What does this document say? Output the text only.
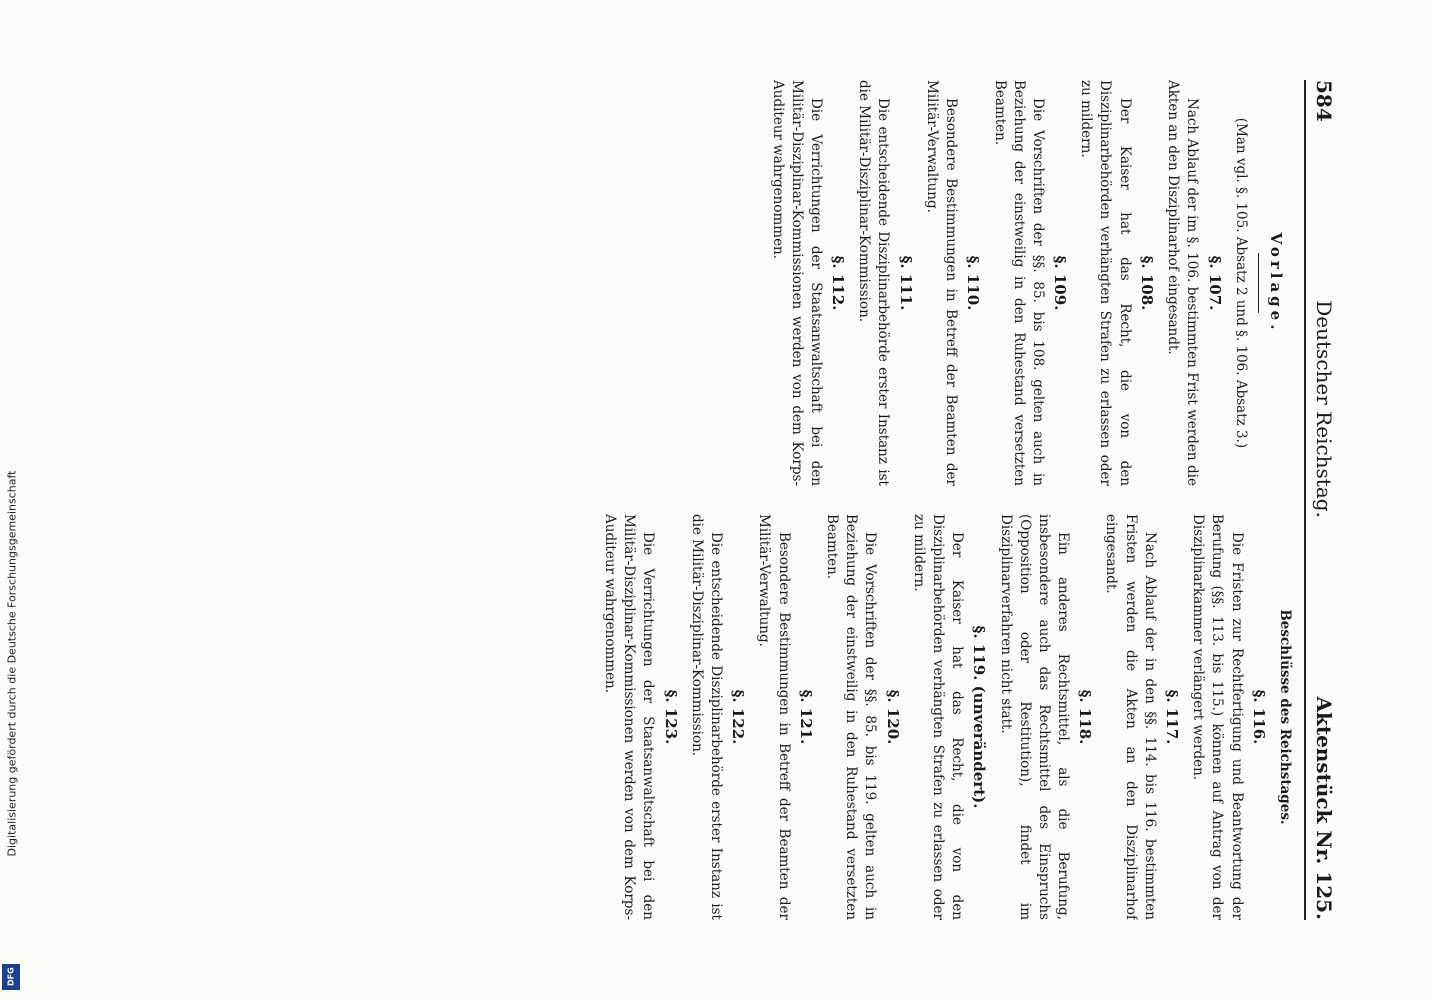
Digitalisierung gefördert durch die Deutsche Forschungsgemeinschaft
DFG
584
Deutscher Reichstag.
Aktenstück Nr. 125.
Vorlage.

(Man vgl. §. 105. Absatz 2 und §. 106. Absatz 3.)

§. 107.

Nach Ablauf der im §. 106. bestimmten Frist werden die Akten an den Disziplinarhof eingesandt.

§. 108.

Der Kaiser hat das Recht, die von den Disziplinarbehörden verhängten Strafen zu erlassen oder zu mildern.

§. 109.

Die Vorschriften der §§. 85. bis 108. gelten auch in Beziehung der einstweilig in den Ruhestand versetzten Beamten.

§. 110.

Besondere Bestimmungen in Betreff der Beamten der Militär-Verwaltung.

§. 111.

Die entscheidende Disziplinarbehörde erster Instanz ist die Militär-Disziplinar-Kommission.

§. 112.

Die Verrichtungen der Staatsanwaltschaft bei den Militär-Disziplinar-Kommissionen werden von dem Korps-Auditeur wahrgenommen.

Beschlüsse des Reichstages.
§. 116.

Die Fristen zur Rechtfertigung und Beantwortung der Berufung (§§. 113. bis 115.) können auf Antrag von der Disziplinarkammer verlängert werden.

§. 117.

Nach Ablauf der in den §§. 114. bis 116. bestimmten Fristen werden die Akten an den Disziplinarhof eingesandt.

§. 118.

Ein anderes Rechtsmittel, als die Berufung, insbesondere auch das Rechtsmittel des Einspruchs (Opposition oder Restitution), findet im Disziplinarverfahren nicht statt.

§. 119. (unverändert).

Der Kaiser hat das Recht, die von den Disziplinarbehörden verhängten Strafen zu erlassen oder zu mildern.

§. 120.

Die Vorschriften der §§. 85. bis 119. gelten auch in Beziehung der einstweilig in den Ruhestand versetzten Beamten.

§. 121.

Besondere Bestimmungen in Betreff der Beamten der Militär-Verwaltung.

§. 122.

Die entscheidende Disziplinarbehörde erster Instanz ist die Militär-Disziplinar-Kommission.

§. 123.

Die Verrichtungen der Staatsanwaltschaft bei den Militär-Disziplinar-Kommissionen werden von dem Korps-Auditeur wahrgenommen.
